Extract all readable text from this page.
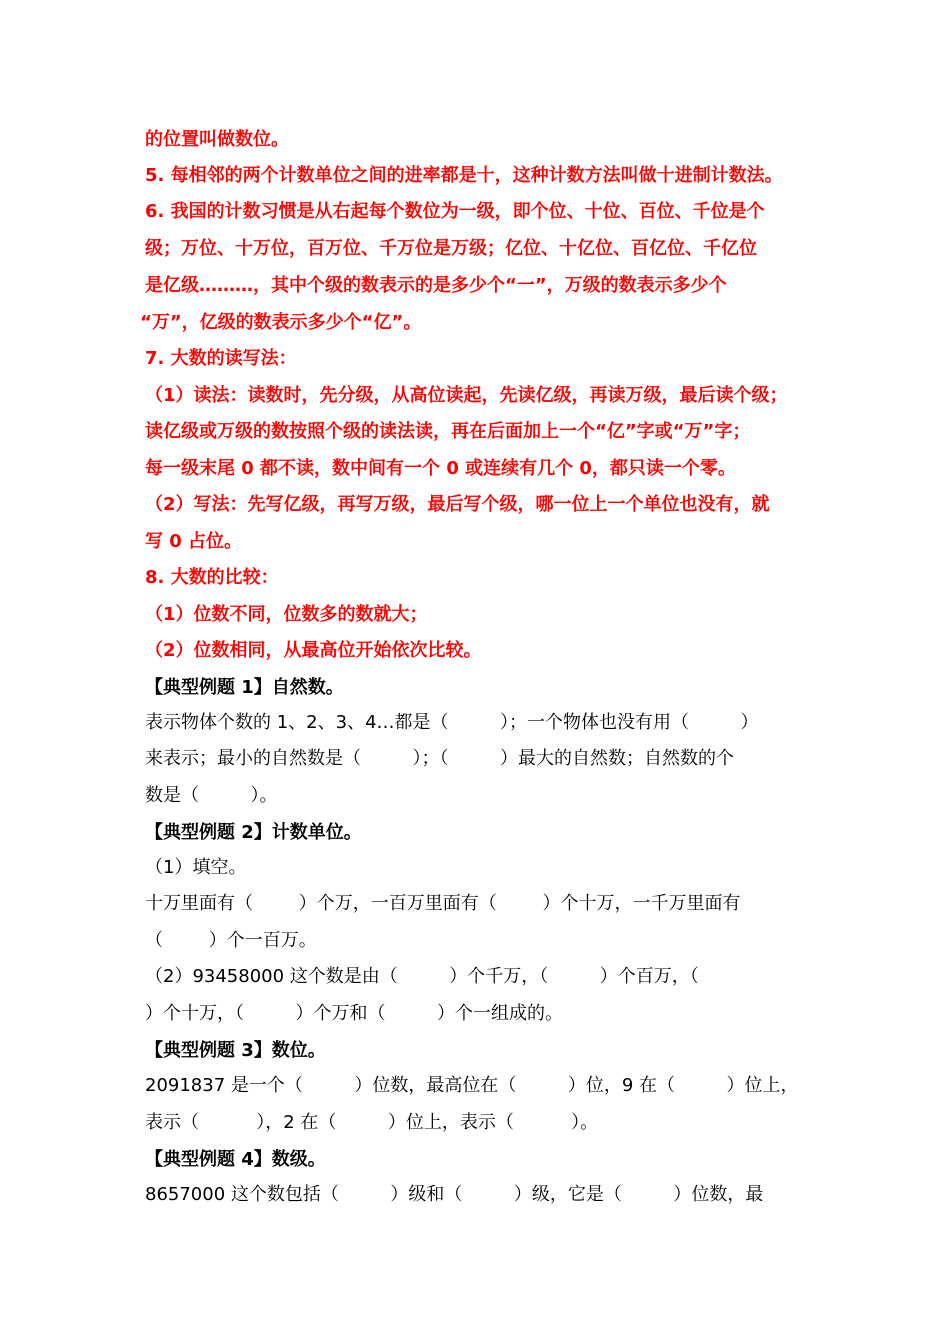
的位置叫做数位。
5. 每相邻的两个计数单位之间的进率都是十，这种计数方法叫做十进制计数法。
6. 我国的计数习惯是从右起每个数位为一级，即个位、十位、百位、千位是个
级；万位、十万位，百万位、千万位是万级；亿位、十亿位、百亿位、千亿位
是亿级………，其中个级的数表示的是多少个“一”，万级的数表示多少个
“万”，亿级的数表示多少个“亿”。
7. 大数的读写法：
（1）读法：读数时，先分级，从高位读起，先读亿级，再读万级，最后读个级；
读亿级或万级的数按照个级的读法读，再在后面加上一个“亿”字或“万”字；
每一级末尾 0 都不读，数中间有一个 0 或连续有几个 0，都只读一个零。
（2）写法：先写亿级，再写万级，最后写个级，哪一位上一个单位也没有，就
写 0 占位。
8. 大数的比较：
（1）位数不同，位数多的数就大；
（2）位数相同，从最高位开始依次比较。
【典型例题 1】自然数。
表示物体个数的 1、2、3、4…都是（         ）；一个物体也没有用（         ）
来表示；最小的自然数是（         ）；（         ）最大的自然数；自然数的个
数是（         ）。
【典型例题 2】计数单位。
（1）填空。
十万里面有（        ）个万，一百万里面有（        ）个十万，一千万里面有
（        ）个一百万。
（2）93458000 这个数是由（         ）个千万，（         ）个百万，（
）个十万，（         ）个万和（         ）个一组成的。
【典型例题 3】数位。
2091837 是一个（         ）位数，最高位在（         ）位，9 在（         ）位上，
表示（          ），2 在（         ）位上，表示（          ）。
【典型例题 4】数级。
8657000 这个数包括（         ）级和（         ）级，它是（         ）位数，最
